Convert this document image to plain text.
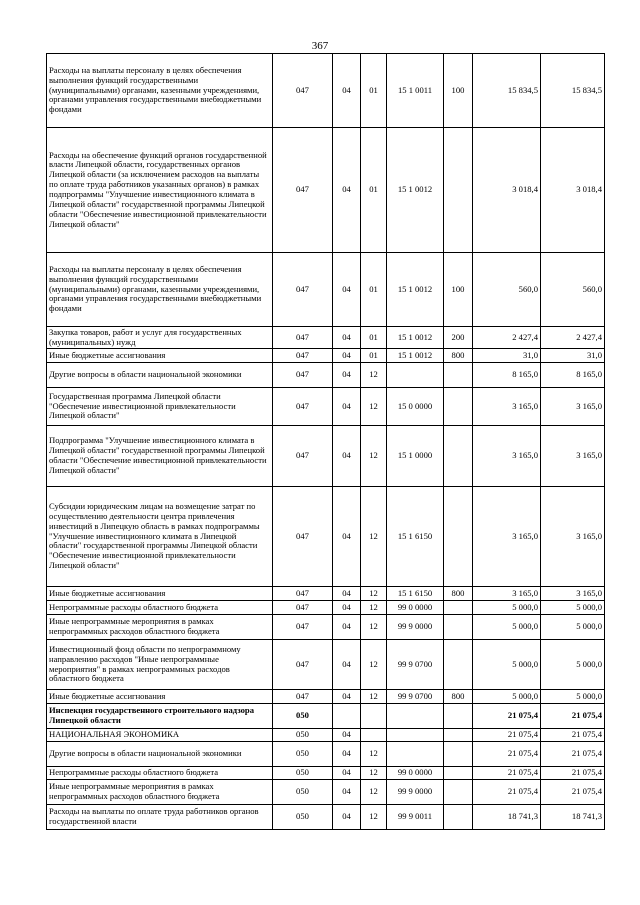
367
Расходы на выплаты персоналу в целях обеспечения выполнения функций государственными (муниципальными) органами, казенными учреждениями, органами управления государственными внебюджетными фондами	047	04	01	15 1 0011	100	15 834,5	15 834,5
Расходы на обеспечение функций органов государственной власти Липецкой области, государственных органов Липецкой области (за исключением расходов на выплаты по оплате труда работников указанных органов) в рамках подпрограммы "Улучшение инвестиционного климата в Липецкой области" государственной программы Липецкой области "Обеспечение инвестиционной привлекательности Липецкой области"	047	04	01	15 1 0012		3 018,4	3 018,4
Расходы на выплаты персоналу в целях обеспечения выполнения функций государственными (муниципальными) органами, казенными учреждениями, органами управления государственными внебюджетными фондами	047	04	01	15 1 0012	100	560,0	560,0
Закупка товаров, работ и услуг для государственных (муниципальных) нужд	047	04	01	15 1 0012	200	2 427,4	2 427,4
Иные бюджетные ассигнования	047	04	01	15 1 0012	800	31,0	31,0
Другие вопросы в области национальной экономики	047	04	12			8 165,0	8 165,0
Государственная программа Липецкой области "Обеспечение инвестиционной привлекательности Липецкой области"	047	04	12	15 0 0000		3 165,0	3 165,0
Подпрограмма "Улучшение инвестиционного климата в Липецкой области" государственной программы Липецкой области "Обеспечение инвестиционной привлекательности Липецкой области"	047	04	12	15 1 0000		3 165,0	3 165,0
Субсидии юридическим лицам на возмещение затрат по осуществлению деятельности центра привлечения инвестиций в Липецкую область в рамках подпрограммы "Улучшение инвестиционного климата в Липецкой области" государственной программы Липецкой области "Обеспечение инвестиционной привлекательности Липецкой области"	047	04	12	15 1 6150		3 165,0	3 165,0
Иные бюджетные ассигнования	047	04	12	15 1 6150	800	3 165,0	3 165,0
Непрограммные расходы областного бюджета	047	04	12	99 0 0000		5 000,0	5 000,0
Иные непрограммные мероприятия в рамках непрограммных расходов областного бюджета	047	04	12	99 9 0000		5 000,0	5 000,0
Инвестиционный фонд области по непрограммному направлению расходов "Иные непрограммные мероприятия" в рамках непрограммных расходов областного бюджета	047	04	12	99 9 0700		5 000,0	5 000,0
Иные бюджетные ассигнования	047	04	12	99 9 0700	800	5 000,0	5 000,0
Инспекция государственного строительного надзора Липецкой области	050					21 075,4	21 075,4
НАЦИОНАЛЬНАЯ ЭКОНОМИКА	050	04				21 075,4	21 075,4
Другие вопросы в области национальной экономики	050	04	12			21 075,4	21 075,4
Непрограммные расходы областного бюджета	050	04	12	99 0 0000		21 075,4	21 075,4
Иные непрограммные мероприятия в рамках непрограммных расходов областного бюджета	050	04	12	99 9 0000		21 075,4	21 075,4
Расходы на выплаты по оплате труда работников органов государственной власти	050	04	12	99 9 0011		18 741,3	18 741,3
